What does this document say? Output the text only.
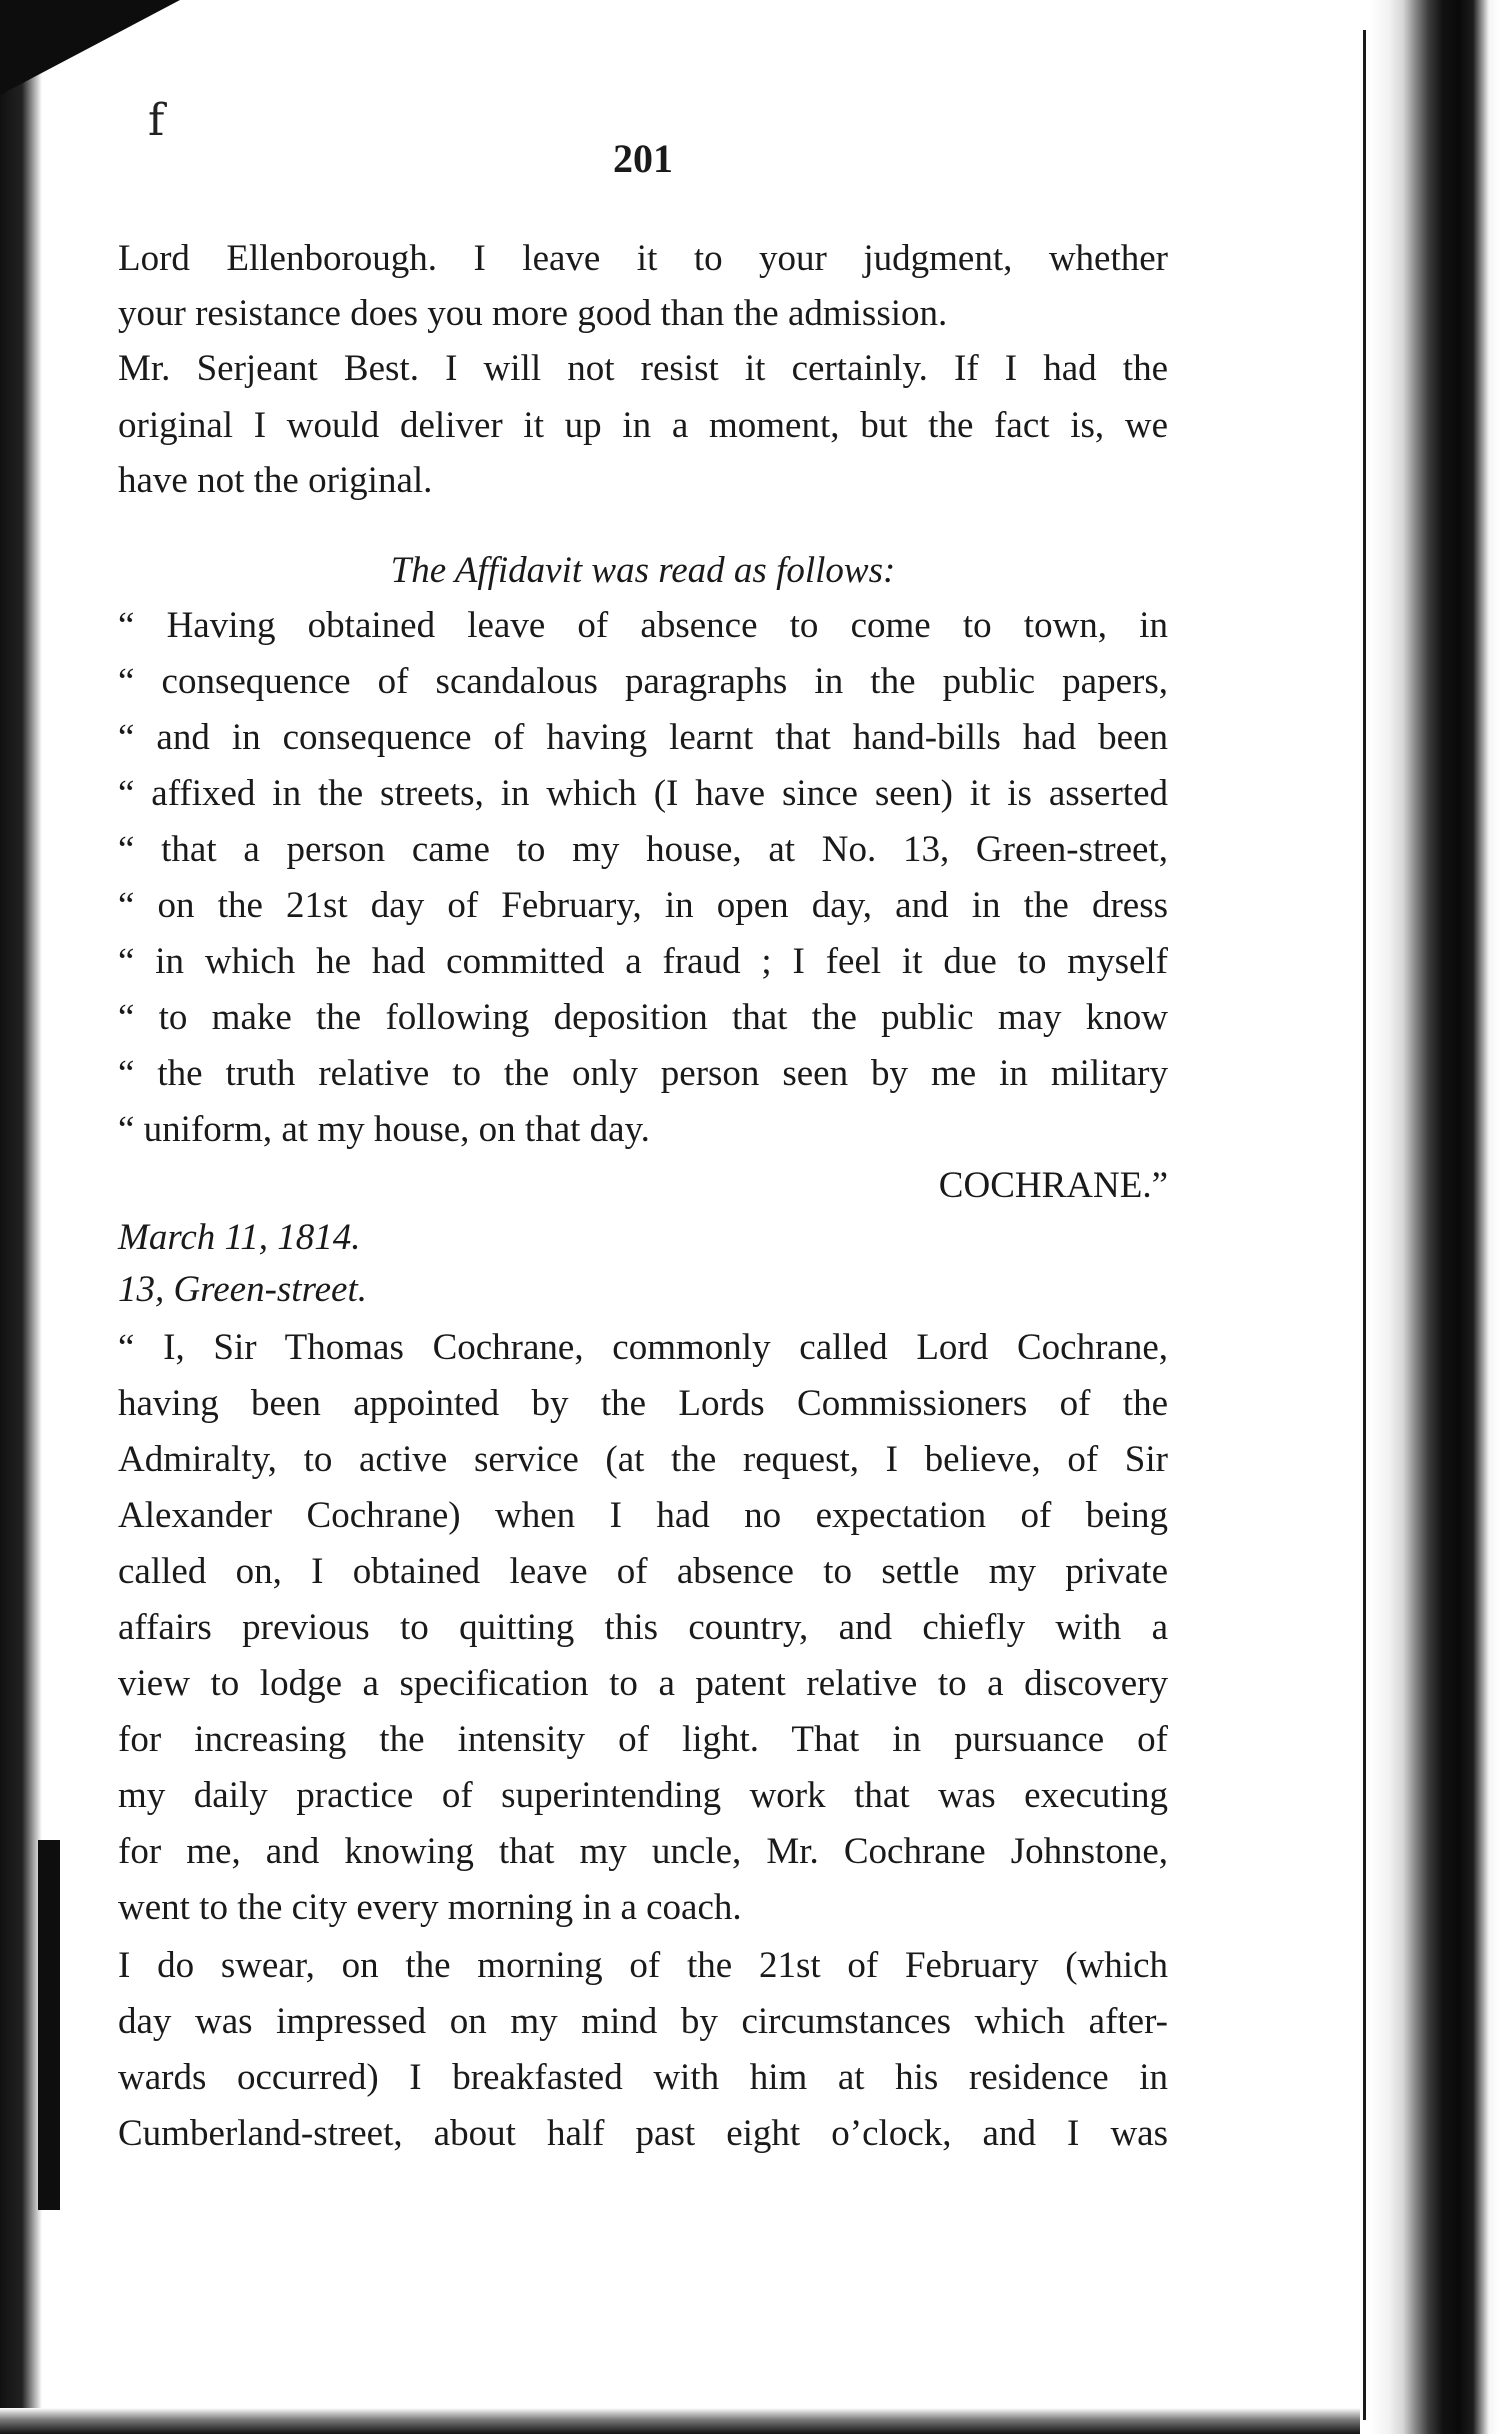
f
201
Lord Ellenborough. I leave it to your judgment, whether
your resistance does you more good than the admission.
Mr. Serjeant Best. I will not resist it certainly. If I had the
original I would deliver it up in a moment, but the fact is, we
have not the original.
The Affidavit was read as follows:
“ Having obtained leave of absence to come to town, in
“ consequence of scandalous paragraphs in the public papers,
“ and in consequence of having learnt that hand-bills had been
“ affixed in the streets, in which (I have since seen) it is asserted
“ that a person came to my house, at No. 13, Green-street,
“ on the 21st day of February, in open day, and in the dress
“ in which he had committed a fraud ; I feel it due to myself
“ to make the following deposition that the public may know
“ the truth relative to the only person seen by me in military
“ uniform, at my house, on that day.
COCHRANE.”
March 11, 1814.
13, Green-street.
“ I, Sir Thomas Cochrane, commonly called Lord Cochrane,
having been appointed by the Lords Commissioners of the
Admiralty, to active service (at the request, I believe, of Sir
Alexander Cochrane) when I had no expectation of being
called on, I obtained leave of absence to settle my private
affairs previous to quitting this country, and chiefly with a
view to lodge a specification to a patent relative to a discovery
for increasing the intensity of light. That in pursuance of
my daily practice of superintending work that was executing
for me, and knowing that my uncle, Mr. Cochrane Johnstone,
went to the city every morning in a coach.
I do swear, on the morning of the 21st of February (which
day was impressed on my mind by circumstances which after-
wards occurred) I breakfasted with him at his residence in
Cumberland-street, about half past eight o’clock, and I was
